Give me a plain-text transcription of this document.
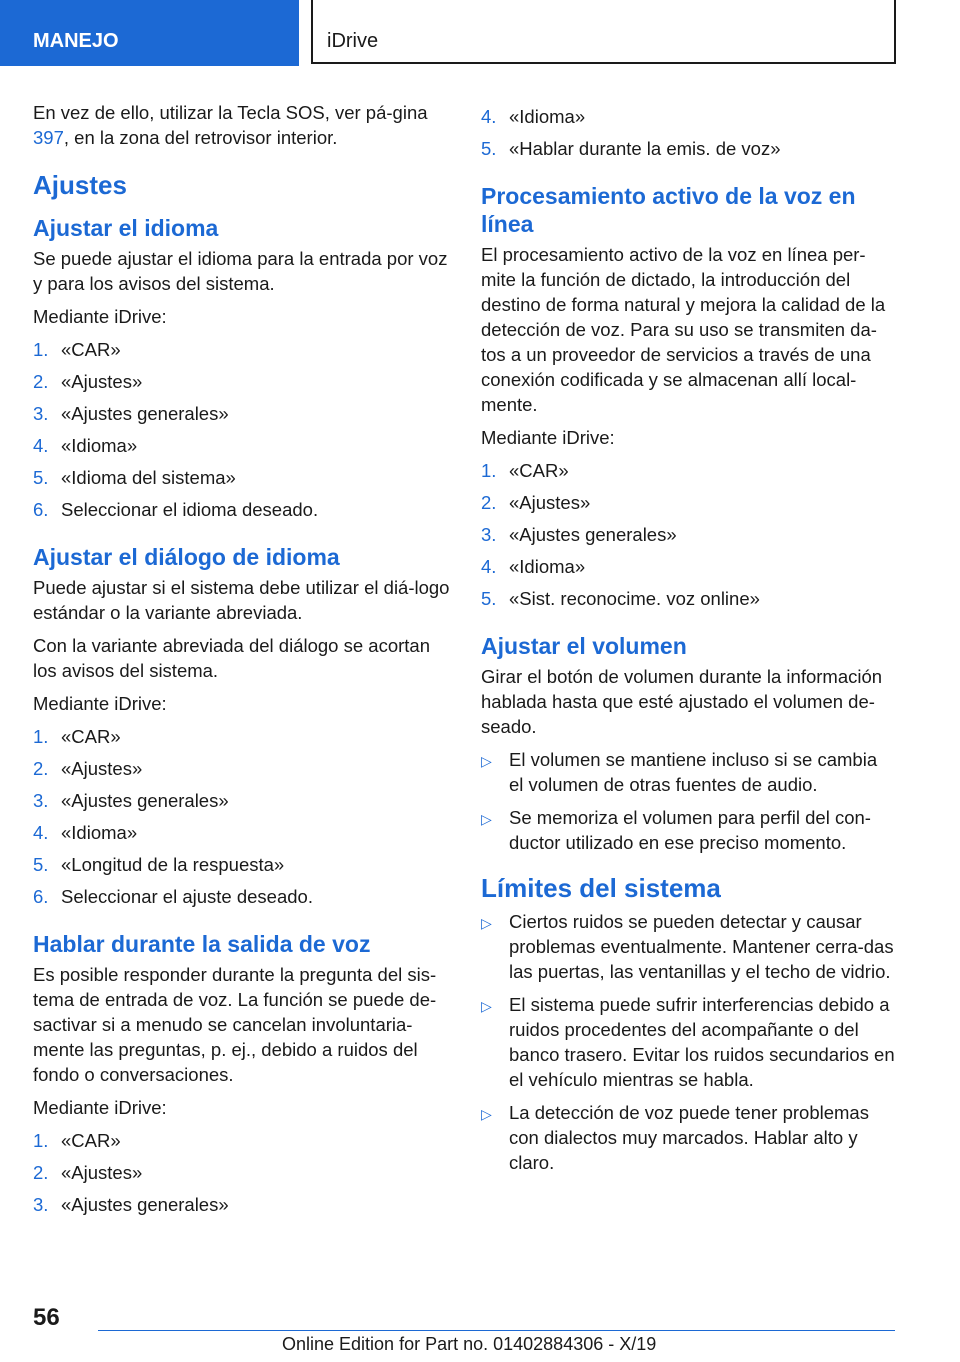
MANEJO	iDrive

En vez de ello, utilizar la Tecla SOS, ver pá-gina 397, en la zona del retrovisor interior.

Ajustes
Ajustar el idioma

Se puede ajustar el idioma para la entrada por voz y para los avisos del sistema.

Mediante iDrive:

1. «CAR»
2. «Ajustes»
3. «Ajustes generales»
4. «Idioma»
5. «Idioma del sistema»
6. Seleccionar el idioma deseado.
Ajustar el diálogo de idioma

Puede ajustar si el sistema debe utilizar el diá-logo estándar o la variante abreviada.

Con la variante abreviada del diálogo se acortan los avisos del sistema.

Mediante iDrive:

1. «CAR»
2. «Ajustes»
3. «Ajustes generales»
4. «Idioma»
5. «Longitud de la respuesta»
6. Seleccionar el ajuste deseado.
Hablar durante la salida de voz

Es posible responder durante la pregunta del sis-tema de entrada de voz. La función se puede de-sactivar si a menudo se cancelan involuntaria-mente las preguntas, p. ej., debido a ruidos del fondo o conversaciones.

Mediante iDrive:

1. «CAR»
2. «Ajustes»
3. «Ajustes generales»
4. «Idioma»
5. «Hablar durante la emis. de voz»
Procesamiento activo de la voz en línea

El procesamiento activo de la voz en línea per-mite la función de dictado, la introducción del destino de forma natural y mejora la calidad de la detección de voz. Para su uso se transmiten da-tos a un proveedor de servicios a través de una conexión codificada y se almacenan allí local-mente.

Mediante iDrive:

1. «CAR»
2. «Ajustes»
3. «Ajustes generales»
4. «Idioma»
5. «Sist. reconocime. voz online»
Ajustar el volumen

Girar el botón de volumen durante la información hablada hasta que esté ajustado el volumen de-seado.

▷ El volumen se mantiene incluso si se cambia el volumen de otras fuentes de audio.
▷ Se memoriza el volumen para perfil del con-ductor utilizado en ese preciso momento.
Límites del sistema
▷ Ciertos ruidos se pueden detectar y causar problemas eventualmente. Mantener cerra-das las puertas, las ventanillas y el techo de vidrio.
▷ El sistema puede sufrir interferencias debido a ruidos procedentes del acompañante o del banco trasero. Evitar los ruidos secundarios en el vehículo mientras se habla.
▷ La detección de voz puede tener problemas con dialectos muy marcados. Hablar alto y claro.
56
Online Edition for Part no. 01402884306 - X/19
